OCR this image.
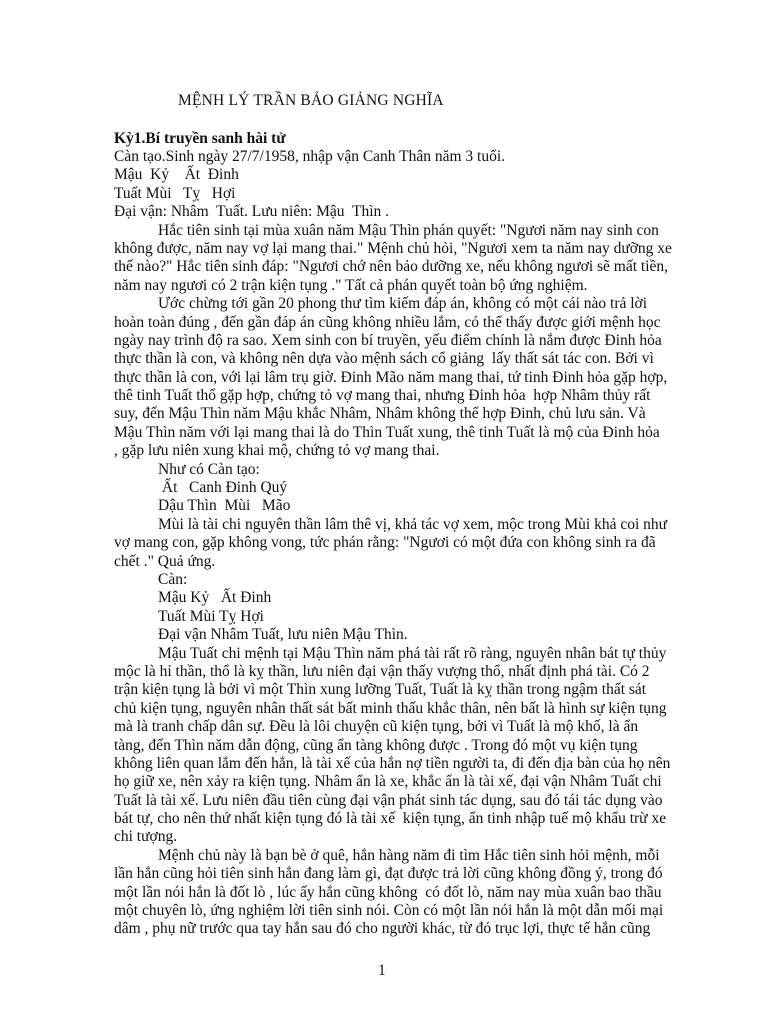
MỆNH LÝ TRẦN BẢO GIẢNG NGHĨA
Kỳ1.Bí truyền sanh hài tử
Càn tạo.Sinh ngày 27/7/1958, nhập vận Canh Thân năm 3 tuổi.
Mậu  Kỷ    Ất  Đinh
Tuất Mùi   Tỵ   Hợi
Đại vận: Nhâm  Tuất. Lưu niên: Mậu  Thìn .
Hắc tiên sinh tại mùa xuân năm Mậu Thìn phán quyết: "Ngươi năm nay sinh con
không được, năm nay vợ lại mang thai." Mệnh chủ hỏi, "Ngươi xem ta năm nay dưỡng xe
thế nào?" Hắc tiên sinh đáp: "Ngươi chớ nên bảo dưỡng xe, nếu không ngươi sẽ mất tiền,
năm nay ngươi có 2 trận kiện tụng ." Tất cả phán quyết toàn bộ ứng nghiệm.
Ước chừng tới gần 20 phong thư tìm kiếm đáp án, không có một cái nào trả lời
hoàn toàn đúng , đến gần đáp án cũng không nhiều lắm, có thể thấy được giới mệnh học
ngày nay trình độ ra sao. Xem sinh con bí truyền, yếu điểm chính là nắm được Đinh hỏa
thực thần là con, và không nên dựa vào mệnh sách cổ giảng  lấy thất sát tác con. Bởi vì
thực thần là con, với lại lâm trụ giờ. Đinh Mão năm mang thai, tứ tinh Đinh hỏa gặp hợp,
thê tinh Tuất thổ gặp hợp, chứng tỏ vợ mang thai, nhưng Đinh hỏa  hợp Nhâm thủy rất
suy, đến Mậu Thìn năm Mậu khắc Nhâm, Nhâm không thể hợp Đinh, chủ lưu sản. Và
Mậu Thìn năm với lại mang thai là do Thìn Tuất xung, thê tinh Tuất là mộ của Đinh hỏa
, gặp lưu niên xung khai mộ, chứng tỏ vợ mang thai.
Như có Càn tạo:
Ất   Canh Đinh Quý
Dậu Thìn  Mùi   Mão
Mùi là tài chi nguyên thần lâm thê vị, khả tác vợ xem, mộc trong Mùi khả coi như
vợ mang con, gặp không vong, tức phán rằng: "Ngươi có một đứa con không sinh ra đã
chết ." Quả ứng.
Càn:
Mậu Kỷ   Ất Đinh
Tuất Mùi Tỵ Hợi
Đại vận Nhâm Tuất, lưu niên Mậu Thìn.
Mậu Tuất chi mệnh tại Mậu Thìn năm phá tài rất rõ ràng, nguyên nhân bát tự thủy
mộc là hỉ thần, thổ là kỵ thần, lưu niên đại vận thấy vượng thổ, nhất định phá tài. Có 2
trận kiện tụng là bởi vì một Thìn xung lưỡng Tuất, Tuất là kỵ thần trong ngậm thất sát
chủ kiện tụng, nguyên nhân thất sát bất minh thấu khắc thân, nên bất là hình sự kiện tụng
mà là tranh chấp dân sự. Đều là lôi chuyện cũ kiện tụng, bởi vì Tuất là mộ khố, là ẩn
tàng, đến Thìn năm dẫn động, cũng ẩn tàng không được . Trong đó một vụ kiện tụng
không liên quan lắm đến hắn, là tài xế của hắn nợ tiền người ta, đi đến địa bàn của họ nên
họ giữ xe, nên xảy ra kiện tụng. Nhâm ẩn là xe, khắc ẩn là tài xế, đại vận Nhâm Tuất chi
Tuất là tài xế. Lưu niên đầu tiên cùng đại vận phát sinh tác dụng, sau đó tái tác dụng vào
bát tự, cho nên thứ nhất kiện tụng đó là tài xế  kiện tụng, ẩn tinh nhập tuế mộ khẩu trừ xe
chi tượng.
Mệnh chủ này là bạn bè ở quê, hắn hàng năm đi tìm Hắc tiên sinh hỏi mệnh, mỗi
lần hắn cũng hỏi tiên sinh hắn đang làm gì, đạt được trả lời cũng không đồng ý, trong đó
một lần nói hắn là đốt lò , lúc ấy hắn cũng không  có đốt lò, năm nay mùa xuân bao thầu
một chuyên lò, ứng nghiệm lời tiên sinh nói. Còn có một lần nói hắn là một dẫn mối mại
dâm , phụ nữ trước qua tay hắn sau đó cho người khác, từ đó trục lợi, thực tế hắn cũng
1
